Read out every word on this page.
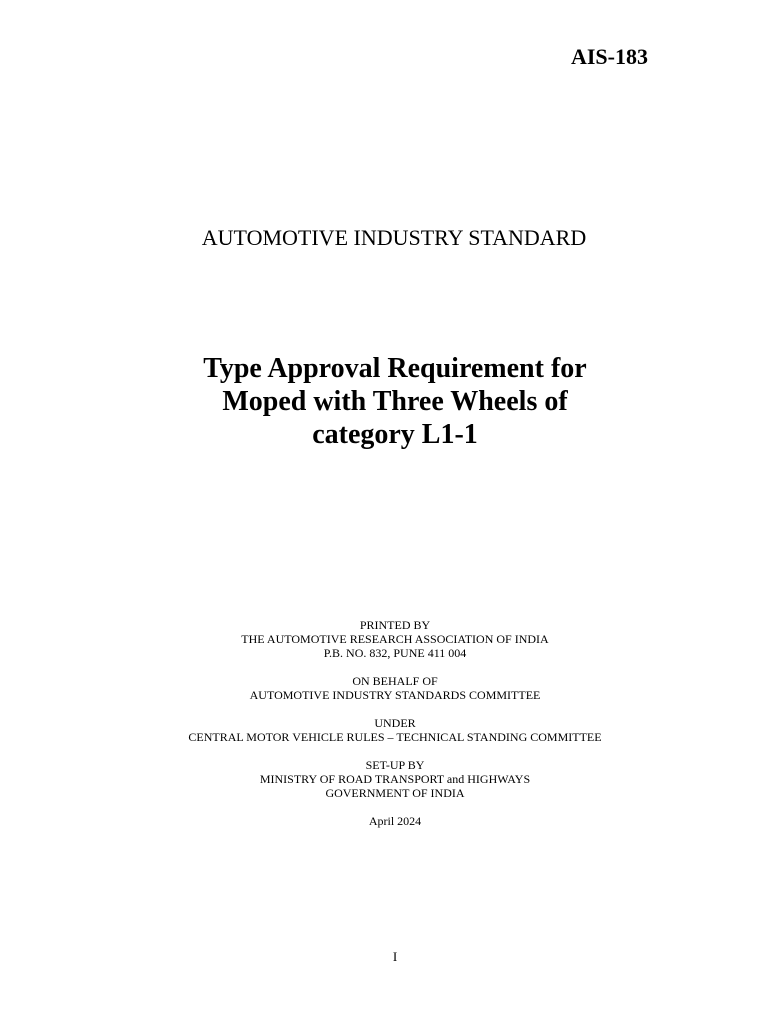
AIS-183

AUTOMOTIVE INDUSTRY STANDARD
Type Approval Requirement for
Moped with Three Wheels of
category L1-1
PRINTED BY
THE AUTOMOTIVE RESEARCH ASSOCIATION OF INDIA
P.B. NO. 832, PUNE 411 004
ON BEHALF OF
AUTOMOTIVE INDUSTRY STANDARDS COMMITTEE
UNDER
CENTRAL MOTOR VEHICLE RULES – TECHNICAL STANDING COMMITTEE
SET-UP BY
MINISTRY OF ROAD TRANSPORT and HIGHWAYS
GOVERNMENT OF INDIA
April 2024

I
